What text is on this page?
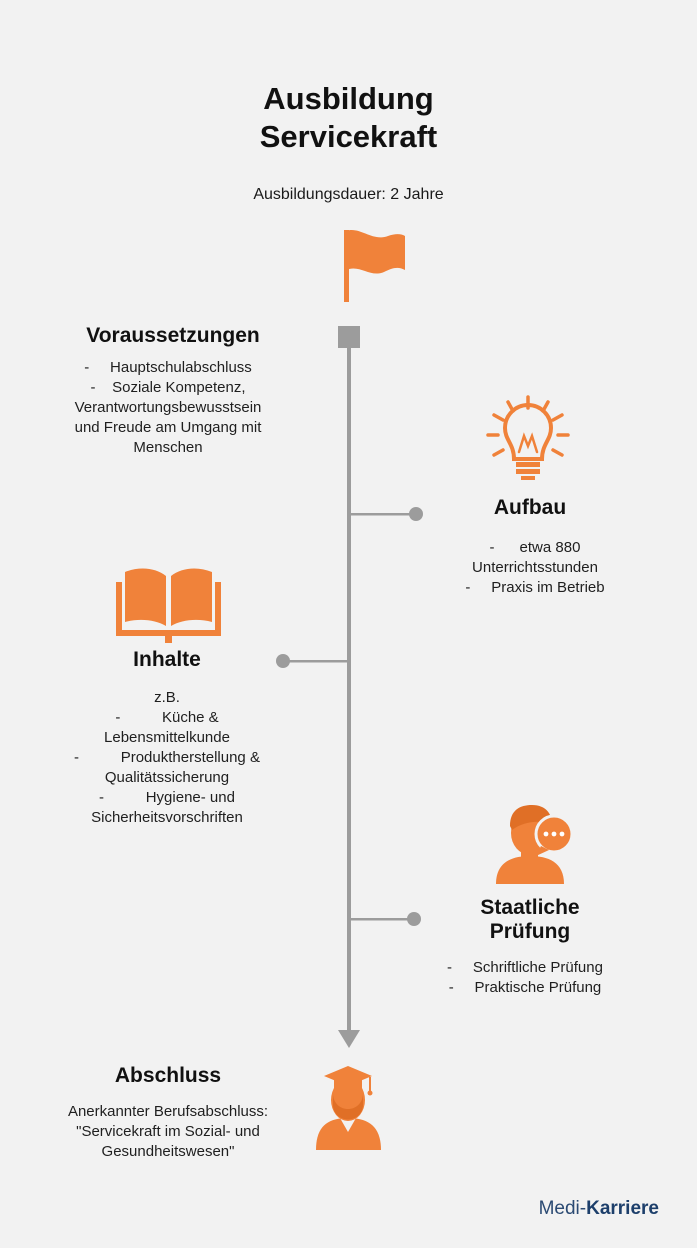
Ausbildung
Servicekraft
Ausbildungsdauer: 2 Jahre
Voraussetzungen
-     Hauptschulabschluss
-    Soziale Kompetenz,
Verantwortungsbewusstsein
und Freude am Umgang mit
Menschen
Aufbau
-      etwa 880
Unterrichtsstunden
-     Praxis im Betrieb
Inhalte
z.B.
-          Küche &
Lebensmittelkunde
-          Produktherstellung &
Qualitätssicherung
-          Hygiene- und
Sicherheitsvorschriften
Staatliche
Prüfung
-     Schriftliche Prüfung
-     Praktische Prüfung
Abschluss
Anerkannter Berufsabschluss:
"Servicekraft im Sozial- und
Gesundheitswesen"
Medi-Karriere
